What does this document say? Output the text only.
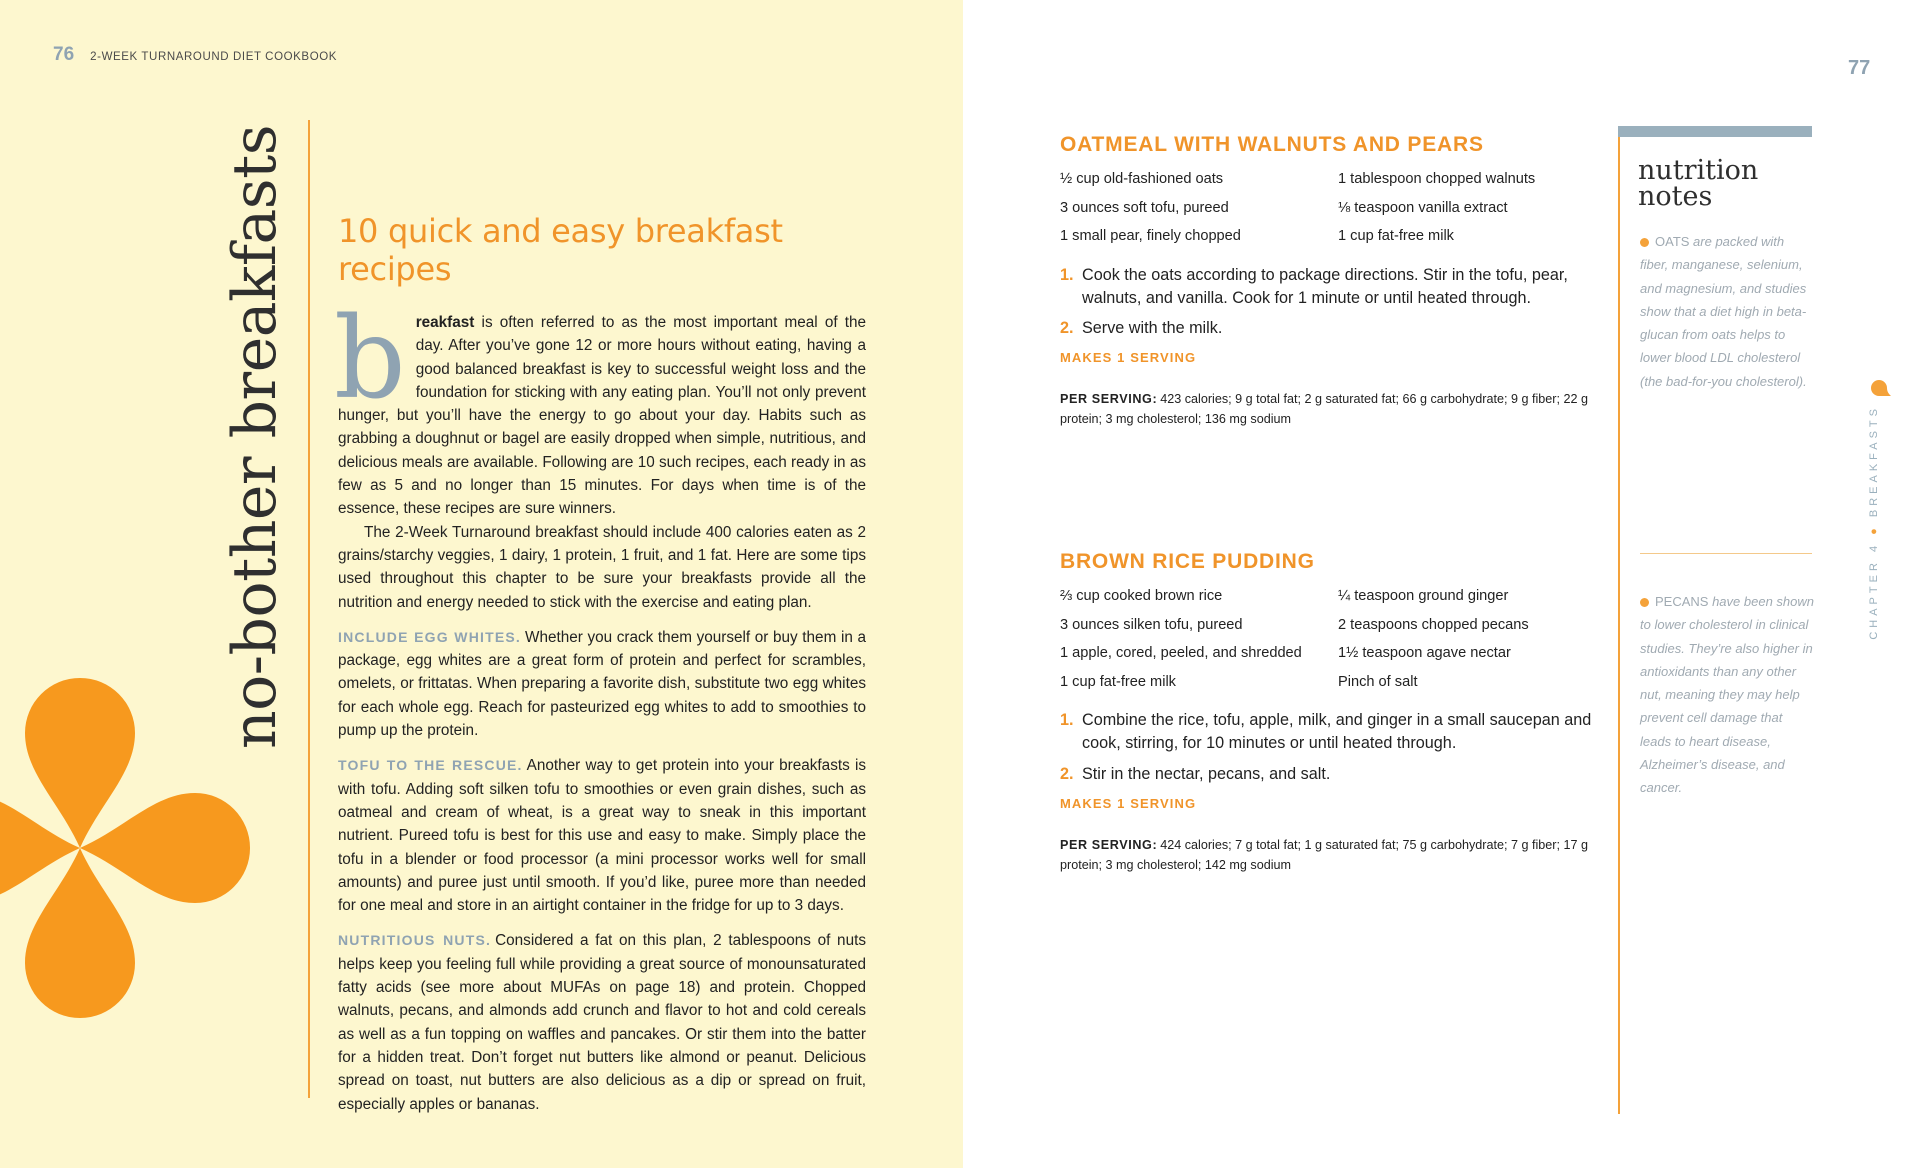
76 2-WEEK TURNAROUND DIET COOKBOOK
no-bother breakfasts 10 quick and easy breakfast recipes

breakfast is often referred to as the most important meal of the day. After you’ve gone 12 or more hours without eating, having a good balanced breakfast is key to successful weight loss and the foundation for sticking with any eating plan. You’ll not only prevent hunger, but you’ll have the energy to go about your day. Habits such as grabbing a doughnut or bagel are easily dropped when simple, nutritious, and delicious meals are available. Following are 10 such recipes, each ready in as few as 5 and no longer than 15 minutes. For days when time is of the essence, these recipes are sure winners.

The 2-Week Turnaround breakfast should include 400 calories eaten as 2 grains/starchy veggies, 1 dairy, 1 protein, 1 fruit, and 1 fat. Here are some tips used throughout this chapter to be sure your breakfasts provide all the nutrition and energy needed to stick with the exercise and eating plan.

INCLUDE EGG WHITES. Whether you crack them yourself or buy them in a package, egg whites are a great form of protein and perfect for scrambles, omelets, or frittatas. When preparing a favorite dish, substitute two egg whites for each whole egg. Reach for pasteurized egg whites to add to smoothies to pump up the protein.

TOFU TO THE RESCUE. Another way to get protein into your breakfasts is with tofu. Adding soft silken tofu to smoothies or even grain dishes, such as oatmeal and cream of wheat, is a great way to sneak in this important nutrient. Pureed tofu is best for this use and easy to make. Simply place the tofu in a blender or food processor (a mini processor works well for small amounts) and puree just until smooth. If you’d like, puree more than needed for one meal and store in an airtight container in the fridge for up to 3 days.

NUTRITIOUS NUTS. Considered a fat on this plan, 2 tablespoons of nuts helps keep you feeling full while providing a great source of monounsaturated fatty acids (see more about MUFAs on page 18) and protein. Chopped walnuts, pecans, and almonds add crunch and flavor to hot and cold cereals as well as a fun topping on waffles and pancakes. Or stir them into the batter for a hidden treat. Don’t forget nut butters like almond or peanut. Delicious spread on toast, nut butters are also delicious as a dip or spread on fruit, especially apples or bananas.

77
OATMEAL WITH WALNUTS AND PEARS
½ cup old-fashioned oats	1 tablespoon chopped walnuts
3 ounces soft tofu, pureed	⅛ teaspoon vanilla extract
1 small pear, finely chopped	1 cup fat-free milk
1. Cook the oats according to package directions. Stir in the tofu, pear, walnuts, and vanilla. Cook for 1 minute or until heated through.
2. Serve with the milk.
MAKES 1 SERVING
PER SERVING: 423 calories; 9 g total fat; 2 g saturated fat; 66 g carbohydrate; 9 g fiber; 22 g protein; 3 mg cholesterol; 136 mg sodium
BROWN RICE PUDDING
⅔ cup cooked brown rice	¼ teaspoon ground ginger
3 ounces silken tofu, pureed	2 teaspoons chopped pecans
1 apple, cored, peeled, and shredded	1½ teaspoon agave nectar
1 cup fat-free milk	Pinch of salt
1. Combine the rice, tofu, apple, milk, and ginger in a small saucepan and cook, stirring, for 10 minutes or until heated through.
2. Stir in the nectar, pecans, and salt.
MAKES 1 SERVING
PER SERVING: 424 calories; 7 g total fat; 1 g saturated fat; 75 g carbohydrate; 7 g fiber; 17 g protein; 3 mg cholesterol; 142 mg sodium
nutrition
notes

OATS are packed with fiber, manganese, selenium, and magnesium, and studies show that a diet high in beta-glucan from oats helps to lower blood LDL cholesterol (the bad-for-you cholesterol).

PECANS have been shown to lower cholesterol in clinical studies. They’re also higher in antioxidants than any other nut, meaning they may help prevent cell damage that leads to heart disease, Alzheimer’s disease, and cancer.

CHAPTER 4 ● BREAKFASTS
